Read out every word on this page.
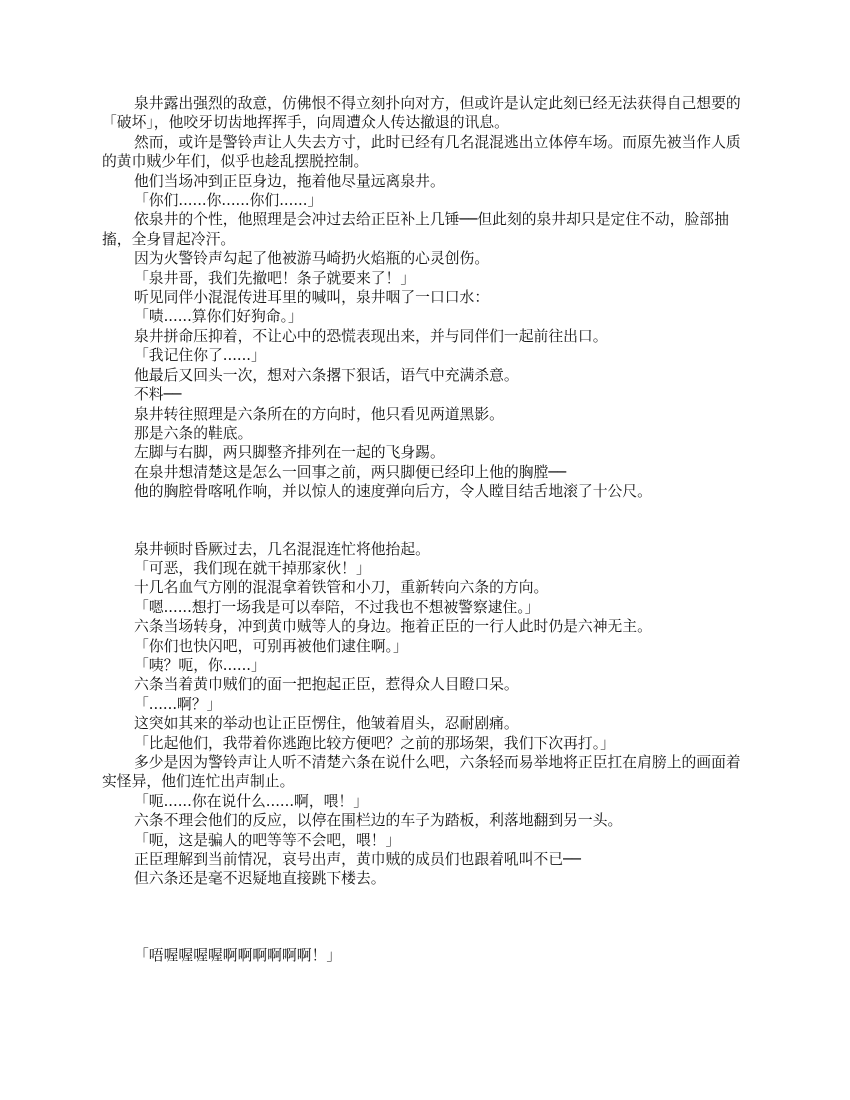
泉井露出强烈的敌意，仿佛恨不得立刻扑向对方，但或许是认定此刻已经无法获得自己想要的「破坏」，他咬牙切齿地挥挥手，向周遭众人传达撤退的讯息。

然而，或许是警铃声让人失去方寸，此时已经有几名混混逃出立体停车场。而原先被当作人质的黄巾贼少年们，似乎也趁乱摆脱控制。

他们当场冲到正臣身边，拖着他尽量远离泉井。

「你们......你......你们......」

依泉井的个性，他照理是会冲过去给正臣补上几锤──但此刻的泉井却只是定住不动，脸部抽搐，全身冒起冷汗。

因为火警铃声勾起了他被游马崎扔火焰瓶的心灵创伤。

「泉井哥，我们先撤吧！条子就要来了！」

听见同伴小混混传进耳里的喊叫，泉井咽了一口口水：

「啧......算你们好狗命。」

泉井拼命压抑着，不让心中的恐慌表现出来，并与同伴们一起前往出口。

「我记住你了......」

他最后又回头一次，想对六条撂下狠话，语气中充满杀意。

不料──

泉井转往照理是六条所在的方向时，他只看见两道黑影。

那是六条的鞋底。

左脚与右脚，两只脚整齐排列在一起的飞身踢。

在泉井想清楚这是怎么一回事之前，两只脚便已经印上他的胸膛──

他的胸腔骨喀吼作响，并以惊人的速度弹向后方，令人瞠目结舌地滚了十公尺。

泉井顿时昏厥过去，几名混混连忙将他抬起。

「可恶，我们现在就干掉那家伙！」

十几名血气方刚的混混拿着铁管和小刀，重新转向六条的方向。

「嗯......想打一场我是可以奉陪，不过我也不想被警察逮住。」

六条当场转身，冲到黄巾贼等人的身边。拖着正臣的一行人此时仍是六神无主。

「你们也快闪吧，可别再被他们逮住啊。」

「咦？呃，你......」

六条当着黄巾贼们的面一把抱起正臣，惹得众人目瞪口呆。

「......啊？」

这突如其来的举动也让正臣愣住，他皱着眉头，忍耐剧痛。

「比起他们，我带着你逃跑比较方便吧？之前的那场架，我们下次再打。」

多少是因为警铃声让人听不清楚六条在说什么吧，六条轻而易举地将正臣扛在肩膀上的画面着实怪异，他们连忙出声制止。

「呃......你在说什么......啊，喂！」

六条不理会他们的反应，以停在围栏边的车子为踏板，利落地翻到另一头。

「呃，这是骗人的吧等等不会吧，喂！」

正臣理解到当前情况，哀号出声，黄巾贼的成员们也跟着吼叫不已──

但六条还是毫不迟疑地直接跳下楼去。

「唔喔喔喔喔啊啊啊啊啊啊！」
